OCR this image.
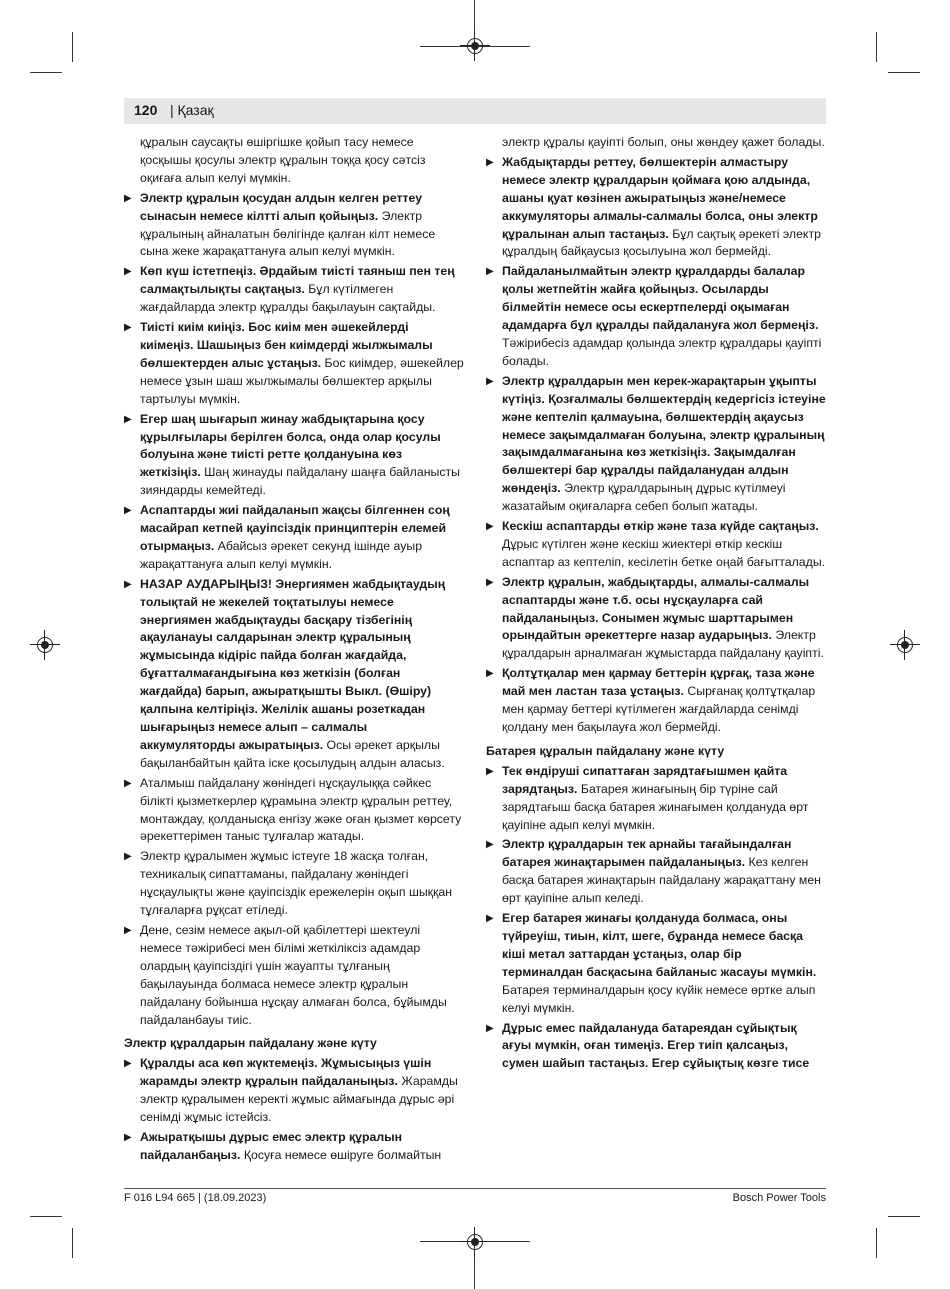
120 | Қазақ

құралын саусақты өшіргішке қойып тасу немесе қосқышы қосулы электр құралын тоққа қосу сәтсіз оқиғаға алып келуі мүмкін.

▶ Электр құралын қосудан алдын келген реттеу сынасын немесе кілтті алып қойыңыз. Электр құралының айналатын бөлігінде қалған кілт немесе сына жеке жарақаттануға алып келуі мүмкін.
▶ Көп күш істетпеңіз. Әрдайым тиісті таяныш пен тең салмақтылықты сақтаңыз. Бұл күтілмеген жағдайларда электр құралды бақылауын сақтайды.
▶ Тиісті киім киіңіз. Бос киім мен әшекейлерді киімеңіз. Шашыңыз бен киімдерді жылжымалы бөлшектерден алыс ұстаңыз. Бос киімдер, әшекейлер немесе ұзын шаш жылжымалы бөлшектер арқылы тартылуы мүмкін.
▶ Егер шаң шығарып жинау жабдықтарына қосу құрылғылары берілген болса, онда олар қосулы болуына және тиісті ретте қолдануына көз жеткізіңіз. Шаң жинауды пайдалану шаңға байланысты зияндарды кемейтеді.
▶ Аспаптарды жиі пайдаланып жақсы білгеннен соң масайрап кетпей қауіпсіздік принциптерін елемей отырмаңыз. Абайсыз әрекет секунд ішінде ауыр жарақаттануға алып келуі мүмкін.
▶ НАЗАР АУДАРЫҢЫЗ! Энергиямен жабдықтаудың толықтай не жекелей тоқтатылуы немесе энергиямен жабдықтауды басқару тізбегінің ақауланауы салдарынан электр құралының жұмысында кідіріс пайда болған жағдайда, бұғатталмағандығына көз жеткізін (болған жағдайда) барып, ажыратқышты Выкл. (Өшіру) қалпына келтіріңіз. Желілік ашаны розеткадан шығарыңыз немесе алып – салмалы аккумуляторды ажыратыңыз. Осы әрекет арқылы бақыланбайтын қайта іске қосылудың алдын аласыз.
▶ Аталмыш пайдалану жөніндегі нұсқаулыққа сәйкес білікті қызметкерлер құрамына электр құралын реттеу, монтаждау, қолданысқа енгізу жәке оған қызмет көрсету әрекеттерімен таныс тұлғалар жатады.
▶ Электр құралымен жұмыс істеуге 18 жасқа толған, техникалық сипаттаманы, пайдалану жөніндегі нұсқаулықты және қауіпсіздік ережелерін оқып шыққан тұлғаларға рұқсат етіледі.
▶ Дене, сезім немесе ақыл-ой қабілеттері шектеулі немесе тәжірибесі мен білімі жеткіліксіз адамдар олардың қауіпсіздігі үшін жауапты тұлғаның бақылауында болмаса немесе электр құралын пайдалану бойынша нұсқау алмаған болса, бұйымды пайдаланбауы тиіс.
Электр құралдарын пайдалану және күту
▶ Құралды аса көп жүктемеңіз. Жұмысыңыз үшін жарамды электр құралын пайдаланыңыз. Жарамды электр құралымен керекті жұмыс аймағында дұрыс әрі сенімді жұмыс істейсіз.
▶ Ажыратқышы дұрыс емес электр құралын пайдаланбаңыз. Қосуға немесе өшіруге болмайтын

электр құралы қауіпті болып, оны жөндеу қажет болады.

▶ Жабдықтарды реттеу, бөлшектерін алмастыру немесе электр құралдарын қоймаға қою алдында, ашаны қуат көзінен ажыратыңыз және/немесе аккумуляторы алмалы-салмалы болса, оны электр құралынан алып тастаңыз. Бұл сақтық әрекеті электр құралдың байқаусыз қосылуына жол бермейді.
▶ Пайдаланылмайтын электр құралдарды балалар қолы жетпейтін жайға қойыңыз. Осыларды білмейтін немесе осы ескертпелерді оқымаған адамдарға бұл құралды пайдалануға жол бермеңіз. Тәжірибесіз адамдар қолында электр құралдары қауіпті болады.
▶ Электр құралдарын мен керек-жарақтарын ұқыпты күтіңіз. Қозғалмалы бөлшектердің кедергісіз істеуіне және кептеліп қалмауына, бөлшектердің ақаусыз немесе зақымдалмаған болуына, электр құралының зақымдалмағанына көз жеткізіңіз. Зақымдалған бөлшектері бар құралды пайдаланудан алдын жөндеңіз. Электр құралдарының дұрыс күтілмеуі жазатайым оқиғаларға себеп болып жатады.
▶ Кескіш аспаптарды өткір және таза күйде сақтаңыз. Дұрыс күтілген және кескіш жиектері өткір кескіш аспаптар аз кептеліп, кесілетін бетке оңай бағытталады.
▶ Электр құралын, жабдықтарды, алмалы-салмалы аспаптарды және т.б. осы нұсқауларға сай пайдаланыңыз. Сонымен жұмыс шарттарымен орындайтын әрекеттерге назар аударыңыз. Электр құралдарын арналмаған жұмыстарда пайдалану қауіпті.
▶ Қолтұтқалар мен қармау беттерін құрғақ, таза және май мен ластан таза ұстаңыз. Сырғанақ қолтұтқалар мен қармау беттері күтілмеген жағдайларда сенімді қолдану мен бақылауға жол бермейді.
Батарея құралын пайдалану және күту
▶ Тек өндіруші сипаттаған зарядтағышмен қайта зарядтаңыз. Батарея жинағының бір түріне сай зарядтағыш басқа батарея жинағымен қолдануда өрт қауіпіне адып келуі мүмкін.
▶ Электр құралдарын тек арнайы тағайындалған батарея жинақтарымен пайдаланыңыз. Кез келген басқа батарея жинақтарын пайдалану жарақаттану мен өрт қауіпіне алып келеді.
▶ Егер батарея жинағы қолдануда болмаса, оны түйреуіш, тиын, кілт, шеге, бұранда немесе басқа кіші метал заттардан ұстаңыз, олар бір терминалдан басқасына байланыс жасауы мүмкін. Батарея терминалдарын қосу күйік немесе өртке алып келуі мүмкін.
▶ Дұрыс емес пайдалануда батареядан сұйықтық ағуы мүмкін, оған тимеңіз. Егер тиіп қалсаңыз, сумен шайып тастаңыз. Егер сұйықтық көзге тисе
F 016 L94 665 | (18.09.2023)	Bosch Power Tools
